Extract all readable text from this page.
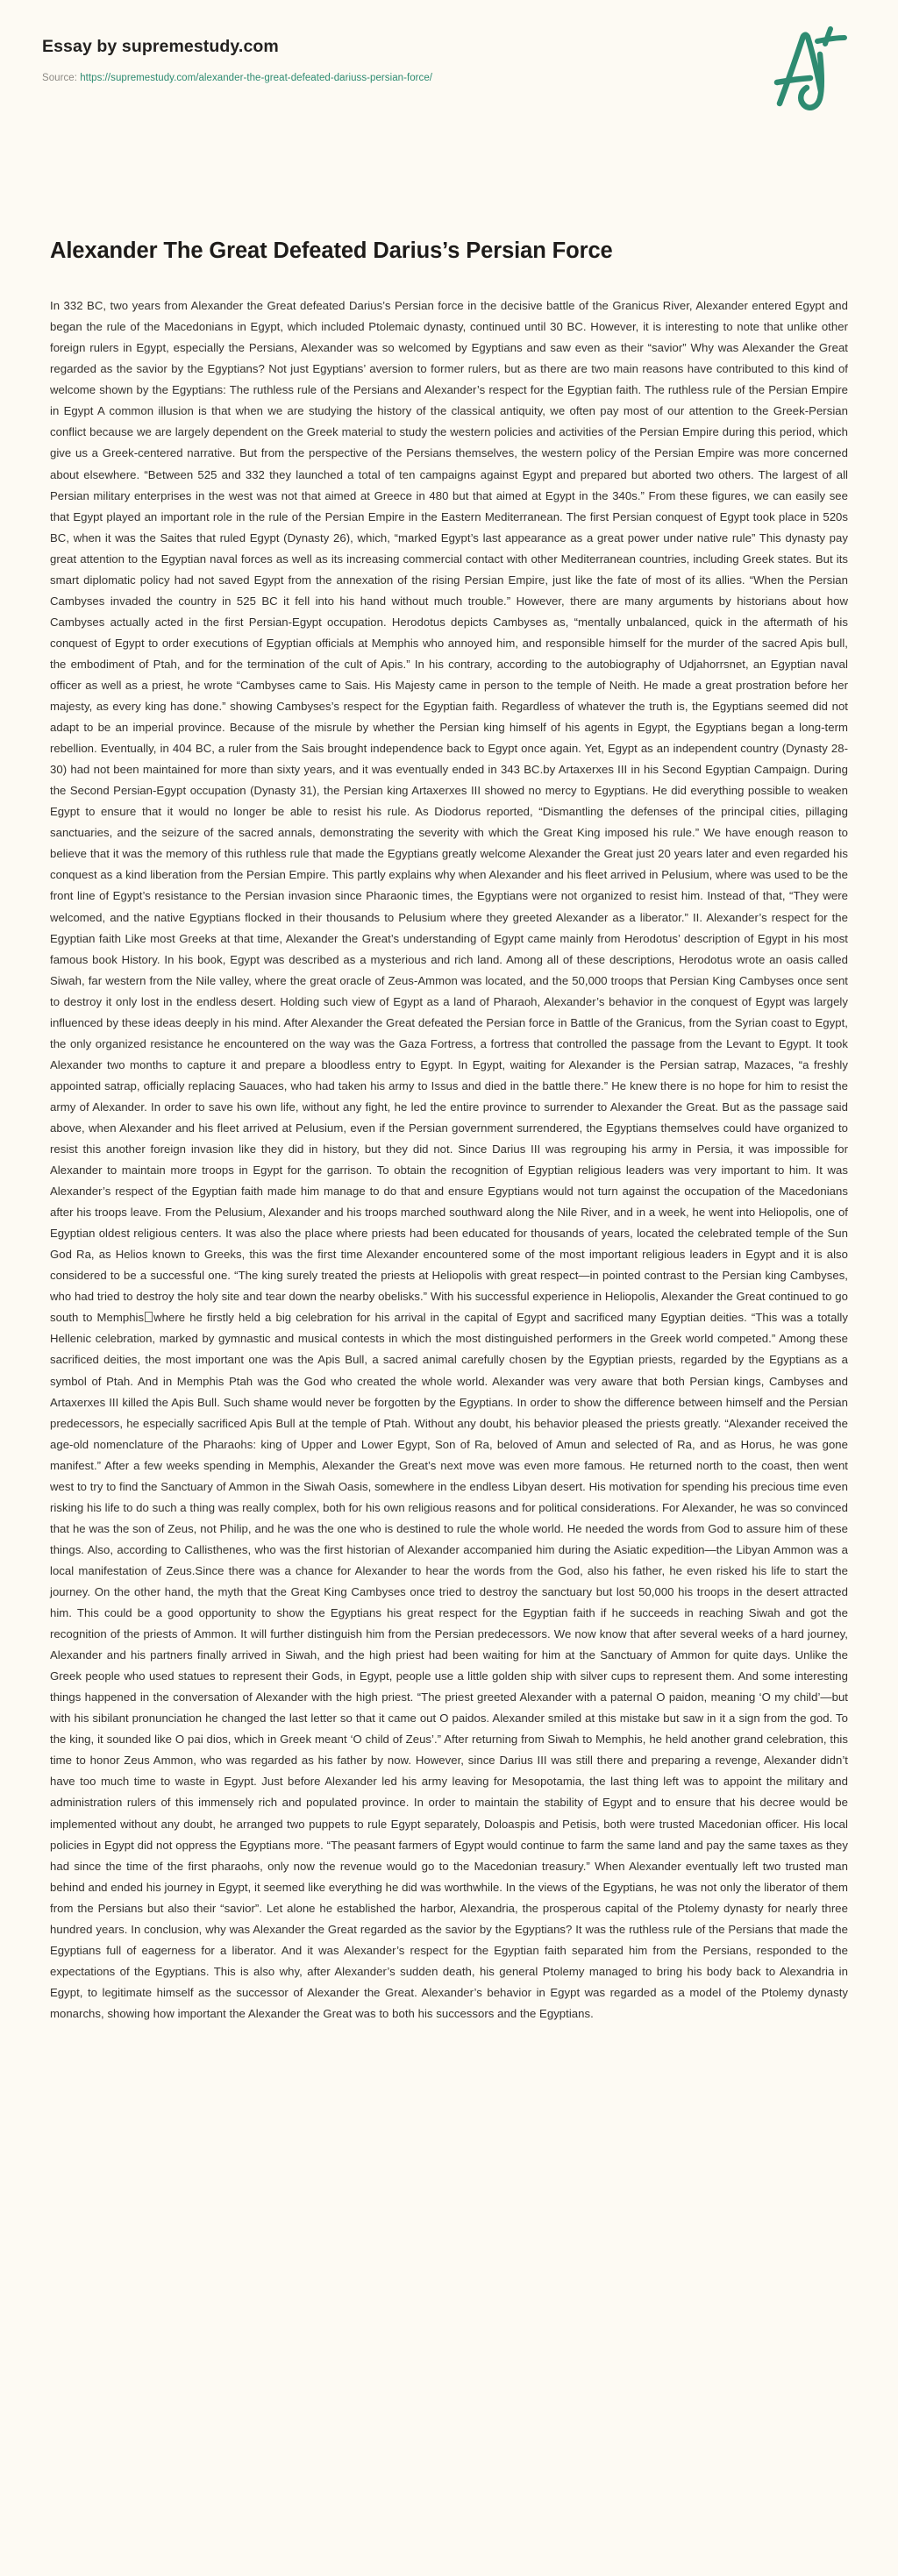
Essay by supremestudy.com
Source: https://supremestudy.com/alexander-the-great-defeated-dariuss-persian-force/
Alexander The Great Defeated Darius’s Persian Force

In 332 BC, two years from Alexander the Great defeated Darius’s Persian force in the decisive battle of the Granicus River, Alexander entered Egypt and began the rule of the Macedonians in Egypt, which included Ptolemaic dynasty, continued until 30 BC. However, it is interesting to note that unlike other foreign rulers in Egypt, especially the Persians, Alexander was so welcomed by Egyptians and saw even as their “savior” Why was Alexander the Great regarded as the savior by the Egyptians? Not just Egyptians’ aversion to former rulers, but as there are two main reasons have contributed to this kind of welcome shown by the Egyptians: The ruthless rule of the Persians and Alexander’s respect for the Egyptian faith. The ruthless rule of the Persian Empire in Egypt A common illusion is that when we are studying the history of the classical antiquity, we often pay most of our attention to the Greek-Persian conflict because we are largely dependent on the Greek material to study the western policies and activities of the Persian Empire during this period, which give us a Greek-centered narrative. But from the perspective of the Persians themselves, the western policy of the Persian Empire was more concerned about elsewhere. “Between 525 and 332 they launched a total of ten campaigns against Egypt and prepared but aborted two others. The largest of all Persian military enterprises in the west was not that aimed at Greece in 480 but that aimed at Egypt in the 340s.” From these figures, we can easily see that Egypt played an important role in the rule of the Persian Empire in the Eastern Mediterranean. The first Persian conquest of Egypt took place in 520s BC, when it was the Saites that ruled Egypt (Dynasty 26), which, “marked Egypt’s last appearance as a great power under native rule” This dynasty pay great attention to the Egyptian naval forces as well as its increasing commercial contact with other Mediterranean countries, including Greek states. But its smart diplomatic policy had not saved Egypt from the annexation of the rising Persian Empire, just like the fate of most of its allies. “When the Persian Cambyses invaded the country in 525 BC it fell into his hand without much trouble.” However, there are many arguments by historians about how Cambyses actually acted in the first Persian-Egypt occupation. Herodotus depicts Cambyses as, “mentally unbalanced, quick in the aftermath of his conquest of Egypt to order executions of Egyptian officials at Memphis who annoyed him, and responsible himself for the murder of the sacred Apis bull, the embodiment of Ptah, and for the termination of the cult of Apis.” In his contrary, according to the autobiography of Udjahorrsnet, an Egyptian naval officer as well as a priest, he wrote “Cambyses came to Sais. His Majesty came in person to the temple of Neith. He made a great prostration before her majesty, as every king has done.” showing Cambyses’s respect for the Egyptian faith. Regardless of whatever the truth is, the Egyptians seemed did not adapt to be an imperial province. Because of the misrule by whether the Persian king himself of his agents in Egypt, the Egyptians began a long-term rebellion. Eventually, in 404 BC, a ruler from the Sais brought independence back to Egypt once again. Yet, Egypt as an independent country (Dynasty 28-30) had not been maintained for more than sixty years, and it was eventually ended in 343 BC.by Artaxerxes III in his Second Egyptian Campaign. During the Second Persian-Egypt occupation (Dynasty 31), the Persian king Artaxerxes III showed no mercy to Egyptians. He did everything possible to weaken Egypt to ensure that it would no longer be able to resist his rule. As Diodorus reported, “Dismantling the defenses of the principal cities, pillaging sanctuaries, and the seizure of the sacred annals, demonstrating the severity with which the Great King imposed his rule.” We have enough reason to believe that it was the memory of this ruthless rule that made the Egyptians greatly welcome Alexander the Great just 20 years later and even regarded his conquest as a kind liberation from the Persian Empire. This partly explains why when Alexander and his fleet arrived in Pelusium, where was used to be the front line of Egypt’s resistance to the Persian invasion since Pharaonic times, the Egyptians were not organized to resist him. Instead of that, “They were welcomed, and the native Egyptians flocked in their thousands to Pelusium where they greeted Alexander as a liberator.” II. Alexander’s respect for the Egyptian faith Like most Greeks at that time, Alexander the Great’s understanding of Egypt came mainly from Herodotus’ description of Egypt in his most famous book History. In his book, Egypt was described as a mysterious and rich land. Among all of these descriptions, Herodotus wrote an oasis called Siwah, far western from the Nile valley, where the great oracle of Zeus-Ammon was located, and the 50,000 troops that Persian King Cambyses once sent to destroy it only lost in the endless desert. Holding such view of Egypt as a land of Pharaoh, Alexander’s behavior in the conquest of Egypt was largely influenced by these ideas deeply in his mind. After Alexander the Great defeated the Persian force in Battle of the Granicus, from the Syrian coast to Egypt, the only organized resistance he encountered on the way was the Gaza Fortress, a fortress that controlled the passage from the Levant to Egypt. It took Alexander two months to capture it and prepare a bloodless entry to Egypt. In Egypt, waiting for Alexander is the Persian satrap, Mazaces, “a freshly appointed satrap, officially replacing Sauaces, who had taken his army to Issus and died in the battle there.” He knew there is no hope for him to resist the army of Alexander. In order to save his own life, without any fight, he led the entire province to surrender to Alexander the Great. But as the passage said above, when Alexander and his fleet arrived at Pelusium, even if the Persian government surrendered, the Egyptians themselves could have organized to resist this another foreign invasion like they did in history, but they did not. Since Darius III was regrouping his army in Persia, it was impossible for Alexander to maintain more troops in Egypt for the garrison. To obtain the recognition of Egyptian religious leaders was very important to him. It was Alexander’s respect of the Egyptian faith made him manage to do that and ensure Egyptians would not turn against the occupation of the Macedonians after his troops leave. From the Pelusium, Alexander and his troops marched southward along the Nile River, and in a week, he went into Heliopolis, one of Egyptian oldest religious centers. It was also the place where priests had been educated for thousands of years, located the celebrated temple of the Sun God Ra, as Helios known to Greeks, this was the first time Alexander encountered some of the most important religious leaders in Egypt and it is also considered to be a successful one. “The king surely treated the priests at Heliopolis with great respect—in pointed contrast to the Persian king Cambyses, who had tried to destroy the holy site and tear down the nearby obelisks.” With his successful experience in Heliopolis, Alexander the Great continued to go south to Memphis where he firstly held a big celebration for his arrival in the capital of Egypt and sacrificed many Egyptian deities. “This was a totally Hellenic celebration, marked by gymnastic and musical contests in which the most distinguished performers in the Greek world competed.” Among these sacrificed deities, the most important one was the Apis Bull, a sacred animal carefully chosen by the Egyptian priests, regarded by the Egyptians as a symbol of Ptah. And in Memphis Ptah was the God who created the whole world. Alexander was very aware that both Persian kings, Cambyses and Artaxerxes III killed the Apis Bull. Such shame would never be forgotten by the Egyptians. In order to show the difference between himself and the Persian predecessors, he especially sacrificed Apis Bull at the temple of Ptah. Without any doubt, his behavior pleased the priests greatly. “Alexander received the age-old nomenclature of the Pharaohs: king of Upper and Lower Egypt, Son of Ra, beloved of Amun and selected of Ra, and as Horus, he was gone manifest.” After a few weeks spending in Memphis, Alexander the Great’s next move was even more famous. He returned north to the coast, then went west to try to find the Sanctuary of Ammon in the Siwah Oasis, somewhere in the endless Libyan desert. His motivation for spending his precious time even risking his life to do such a thing was really complex, both for his own religious reasons and for political considerations. For Alexander, he was so convinced that he was the son of Zeus, not Philip, and he was the one who is destined to rule the whole world. He needed the words from God to assure him of these things. Also, according to Callisthenes, who was the first historian of Alexander accompanied him during the Asiatic expedition—the Libyan Ammon was a local manifestation of Zeus.Since there was a chance for Alexander to hear the words from the God, also his father, he even risked his life to start the journey. On the other hand, the myth that the Great King Cambyses once tried to destroy the sanctuary but lost 50,000 his troops in the desert attracted him. This could be a good opportunity to show the Egyptians his great respect for the Egyptian faith if he succeeds in reaching Siwah and got the recognition of the priests of Ammon. It will further distinguish him from the Persian predecessors. We now know that after several weeks of a hard journey, Alexander and his partners finally arrived in Siwah, and the high priest had been waiting for him at the Sanctuary of Ammon for quite days. Unlike the Greek people who used statues to represent their Gods, in Egypt, people use a little golden ship with silver cups to represent them. And some interesting things happened in the conversation of Alexander with the high priest. “The priest greeted Alexander with a paternal O paidon, meaning ‘O my child’—but with his sibilant pronunciation he changed the last letter so that it came out O paidos. Alexander smiled at this mistake but saw in it a sign from the god. To the king, it sounded like O pai dios, which in Greek meant ‘O child of Zeus’.” After returning from Siwah to Memphis, he held another grand celebration, this time to honor Zeus Ammon, who was regarded as his father by now. However, since Darius III was still there and preparing a revenge, Alexander didn’t have too much time to waste in Egypt. Just before Alexander led his army leaving for Mesopotamia, the last thing left was to appoint the military and administration rulers of this immensely rich and populated province. In order to maintain the stability of Egypt and to ensure that his decree would be implemented without any doubt, he arranged two puppets to rule Egypt separately, Doloaspis and Petisis, both were trusted Macedonian officer. His local policies in Egypt did not oppress the Egyptians more. “The peasant farmers of Egypt would continue to farm the same land and pay the same taxes as they had since the time of the first pharaohs, only now the revenue would go to the Macedonian treasury.” When Alexander eventually left two trusted man behind and ended his journey in Egypt, it seemed like everything he did was worthwhile. In the views of the Egyptians, he was not only the liberator of them from the Persians but also their “savior”. Let alone he established the harbor, Alexandria, the prosperous capital of the Ptolemy dynasty for nearly three hundred years. In conclusion, why was Alexander the Great regarded as the savior by the Egyptians? It was the ruthless rule of the Persians that made the Egyptians full of eagerness for a liberator. And it was Alexander’s respect for the Egyptian faith separated him from the Persians, responded to the expectations of the Egyptians. This is also why, after Alexander’s sudden death, his general Ptolemy managed to bring his body back to Alexandria in Egypt, to legitimate himself as the successor of Alexander the Great. Alexander’s behavior in Egypt was regarded as a model of the Ptolemy dynasty monarchs, showing how important the Alexander the Great was to both his successors and the Egyptians.
